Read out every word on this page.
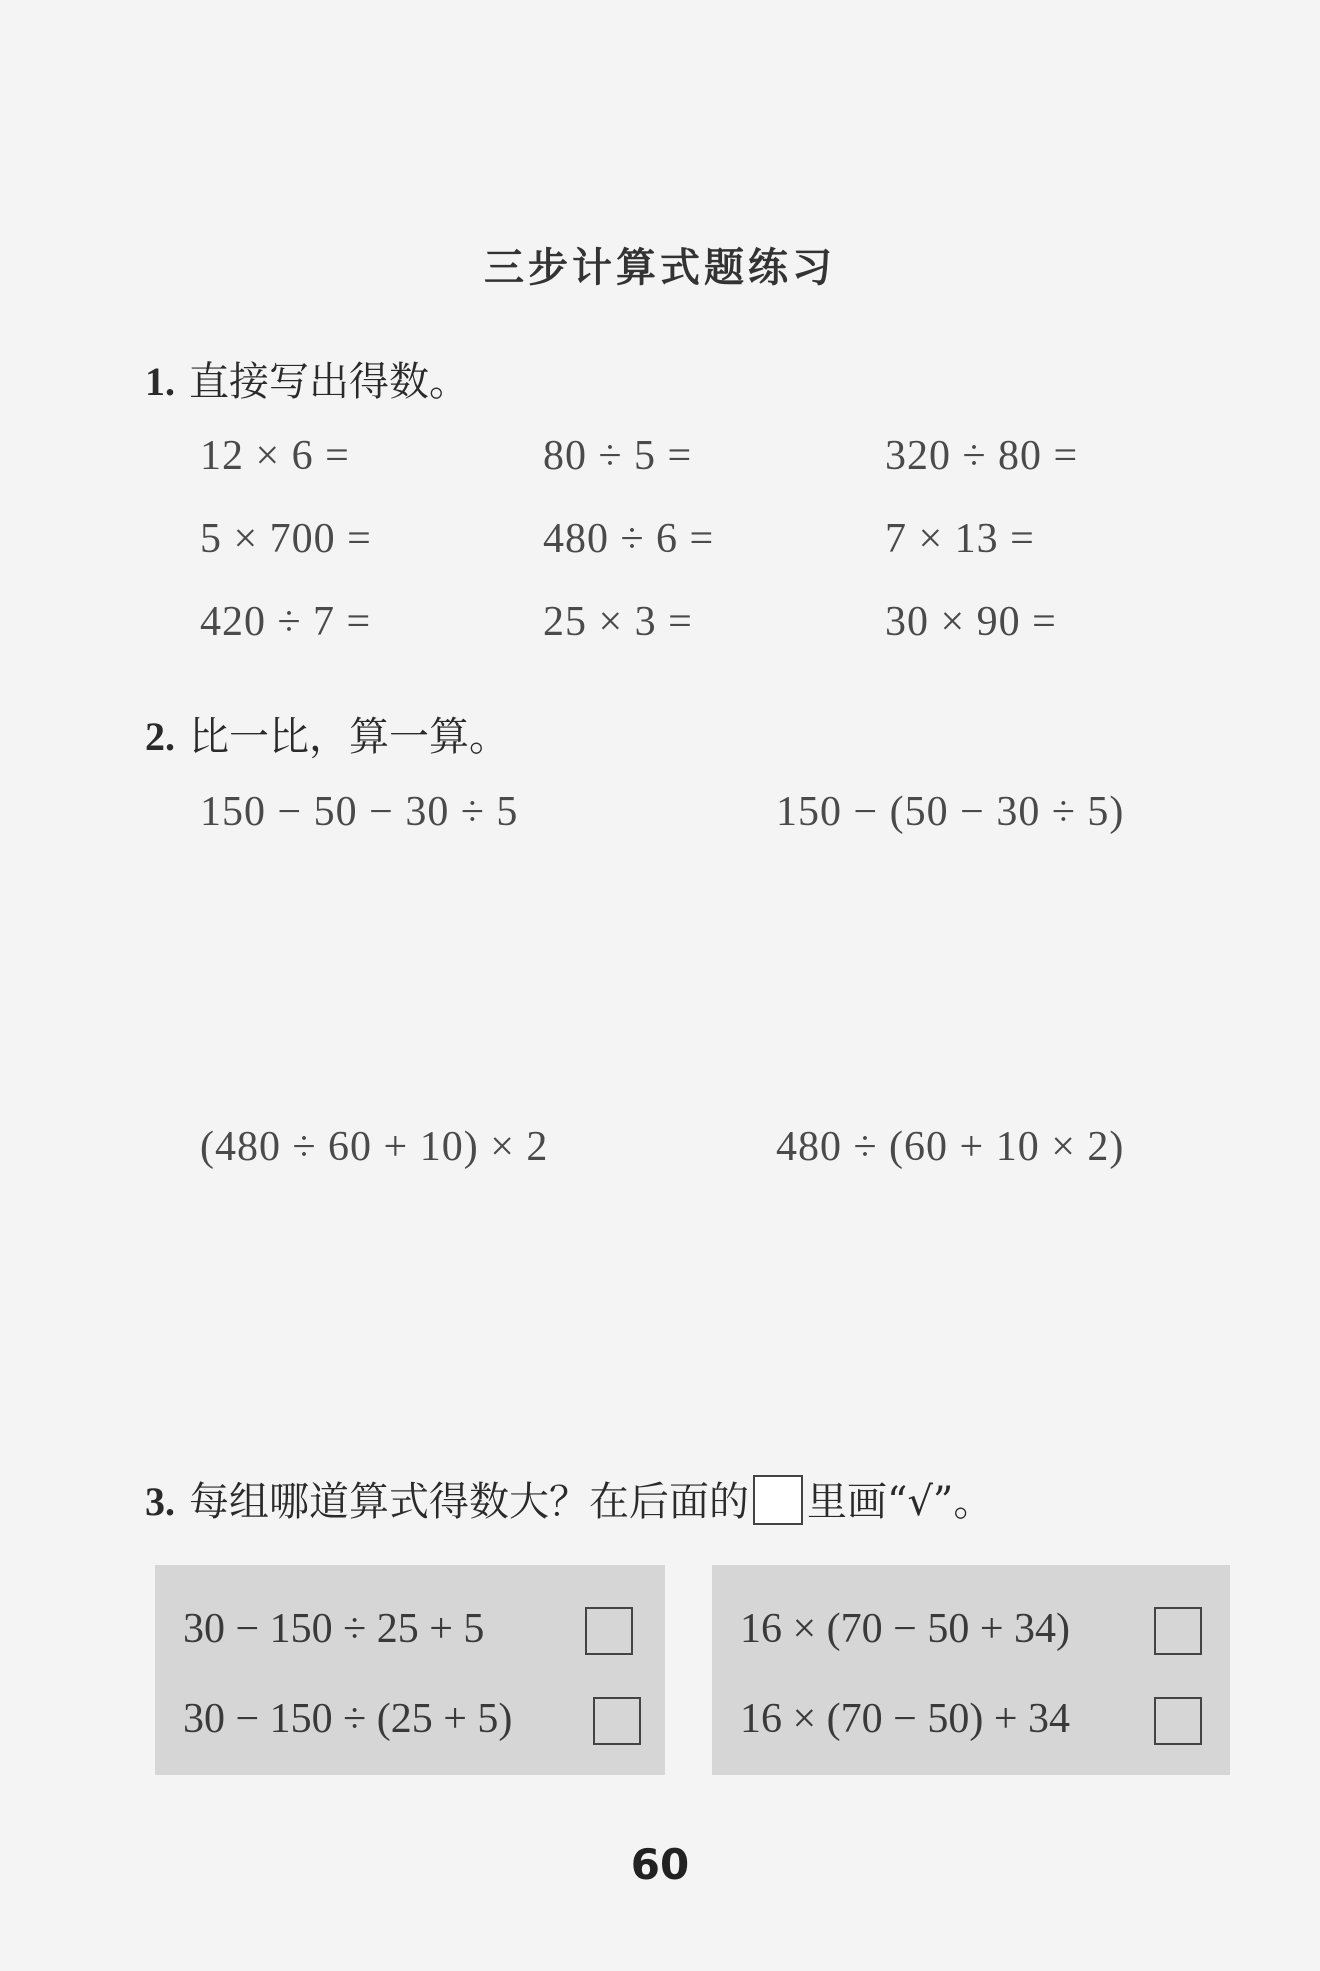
三步计算式题练习
1. 直接写出得数。
12 × 6 =	80 ÷ 5 =	320 ÷ 80 =
5 × 700 =	480 ÷ 6 =	7 × 13 =
420 ÷ 7 =	25 × 3 =	30 × 90 =
2. 比一比，算一算。
150 − 50 − 30 ÷ 5	150 − (50 − 30 ÷ 5)
(480 ÷ 60 + 10) × 2	480 ÷ (60 + 10 × 2)
3. 每组哪道算式得数大？在后面的 里画“√”。
30 − 150 ÷ 25 + 5
30 − 150 ÷ (25 + 5)
16 × (70 − 50 + 34)
16 × (70 − 50) + 34
60
